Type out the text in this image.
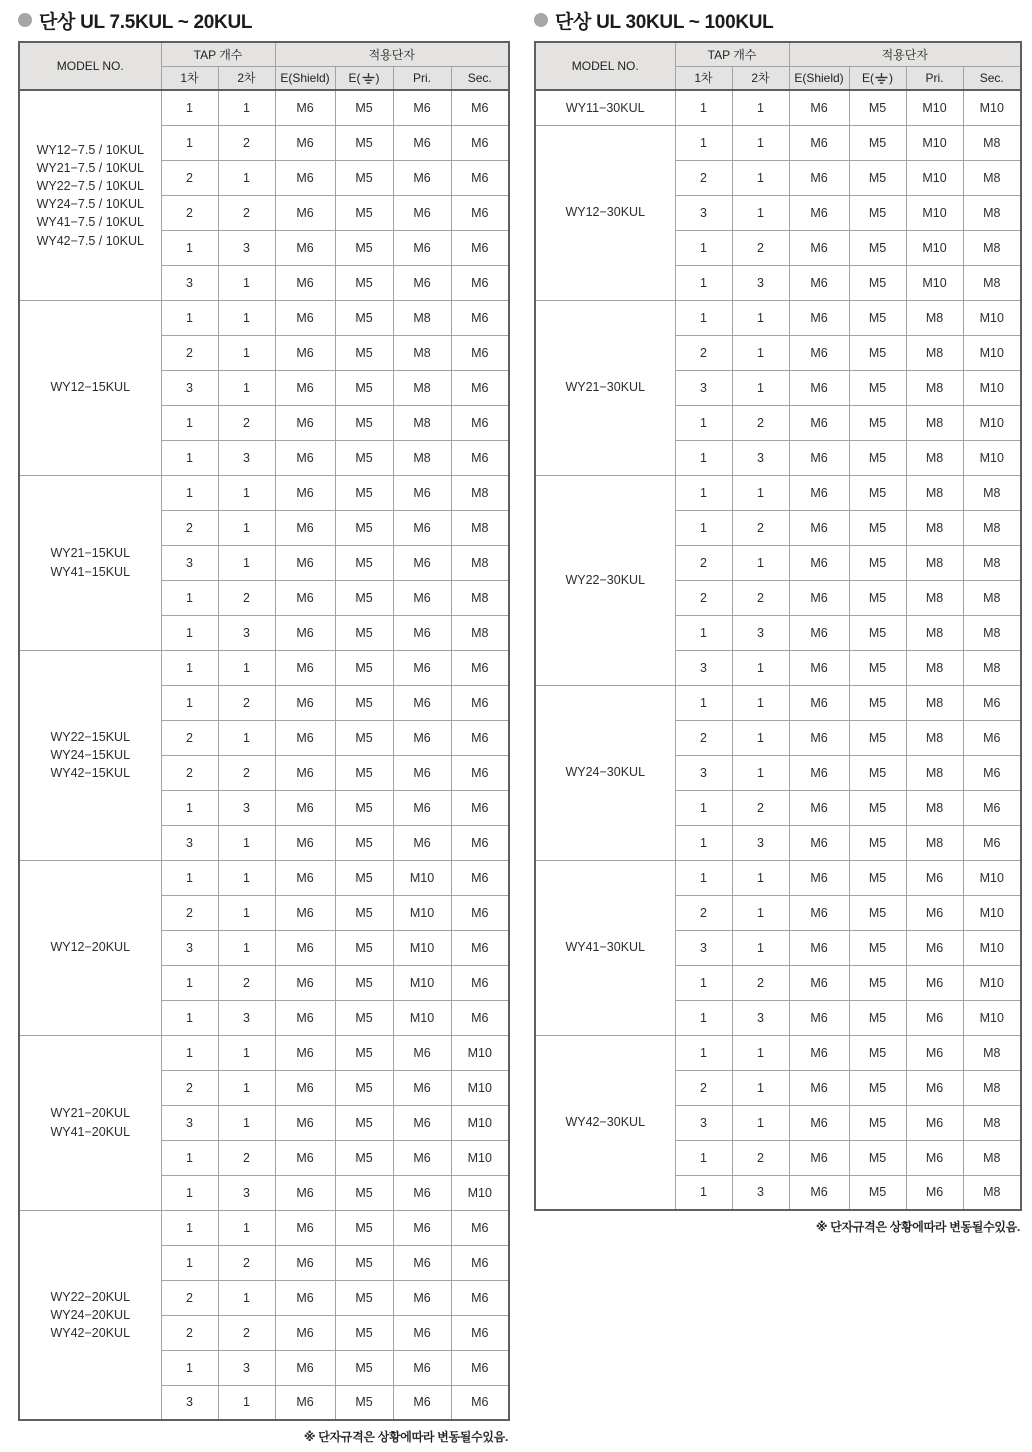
단상 UL 7.5KUL ~ 20KUL
MODEL NO.	TAP 개수		적용단자			
	1차	2차	E(Shield)	E( )	Pri.	Sec.

WY12−7.5 / 10KUL
WY21−7.5 / 10KUL
WY22−7.5 / 10KUL
WY24−7.5 / 10KUL
WY41−7.5 / 10KUL
WY42−7.5 / 10KUL
	1	1	M6	M5	M6	M6
	1	2	M6	M5	M6	M6
	2	1	M6	M5	M6	M6
	2	2	M6	M5	M6	M6
	1	3	M6	M5	M6	M6
	3	1	M6	M5	M6	M6

WY12−15KUL	1	1	M6	M5	M8	M6
	2	1	M6	M5	M8	M6
	3	1	M6	M5	M8	M6
	1	2	M6	M5	M8	M6
	1	3	M6	M5	M8	M6

WY21−15KUL
WY41−15KUL	1	1	M6	M5	M6	M8
	2	1	M6	M5	M6	M8
	3	1	M6	M5	M6	M8
	1	2	M6	M5	M6	M8
	1	3	M6	M5	M6	M8

WY22−15KUL
WY24−15KUL
WY42−15KUL	1	1	M6	M5	M6	M6
	1	2	M6	M5	M6	M6
	2	1	M6	M5	M6	M6
	2	2	M6	M5	M6	M6
	1	3	M6	M5	M6	M6
	3	1	M6	M5	M6	M6

WY12−20KUL	1	1	M6	M5	M10	M6
	2	1	M6	M5	M10	M6
	3	1	M6	M5	M10	M6
	1	2	M6	M5	M10	M6
	1	3	M6	M5	M10	M6

WY21−20KUL
WY41−20KUL	1	1	M6	M5	M6	M10
	2	1	M6	M5	M6	M10
	3	1	M6	M5	M6	M10
	1	2	M6	M5	M6	M10
	1	3	M6	M5	M6	M10

WY22−20KUL
WY24−20KUL
WY42−20KUL	1	1	M6	M5	M6	M6
	1	2	M6	M5	M6	M6
	2	1	M6	M5	M6	M6
	2	2	M6	M5	M6	M6
	1	3	M6	M5	M6	M6
	3	1	M6	M5	M6	M6
※ 단자규격은 상황에따라 변동될수있음.
단상 UL 30KUL ~ 100KUL
MODEL NO.	TAP 개수		적용단자			
	1차	2차	E(Shield)	E( )	Pri.	Sec.

WY11−30KUL	1	1	M6	M5	M10	M10

WY12−30KUL	1	1	M6	M5	M10	M8
	2	1	M6	M5	M10	M8
	3	1	M6	M5	M10	M8
	1	2	M6	M5	M10	M8
	1	3	M6	M5	M10	M8

WY21−30KUL	1	1	M6	M5	M8	M10
	2	1	M6	M5	M8	M10
	3	1	M6	M5	M8	M10
	1	2	M6	M5	M8	M10
	1	3	M6	M5	M8	M10

WY22−30KUL	1	1	M6	M5	M8	M8
	1	2	M6	M5	M8	M8
	2	1	M6	M5	M8	M8
	2	2	M6	M5	M8	M8
	1	3	M6	M5	M8	M8
	3	1	M6	M5	M8	M8

WY24−30KUL	1	1	M6	M5	M8	M6
	2	1	M6	M5	M8	M6
	3	1	M6	M5	M8	M6
	1	2	M6	M5	M8	M6
	1	3	M6	M5	M8	M6

WY41−30KUL	1	1	M6	M5	M6	M10
	2	1	M6	M5	M6	M10
	3	1	M6	M5	M6	M10
	1	2	M6	M5	M6	M10
	1	3	M6	M5	M6	M10

WY42−30KUL	1	1	M6	M5	M6	M8
	2	1	M6	M5	M6	M8
	3	1	M6	M5	M6	M8
	1	2	M6	M5	M6	M8
	1	3	M6	M5	M6	M8
※ 단자규격은 상황에따라 변동될수있음.
